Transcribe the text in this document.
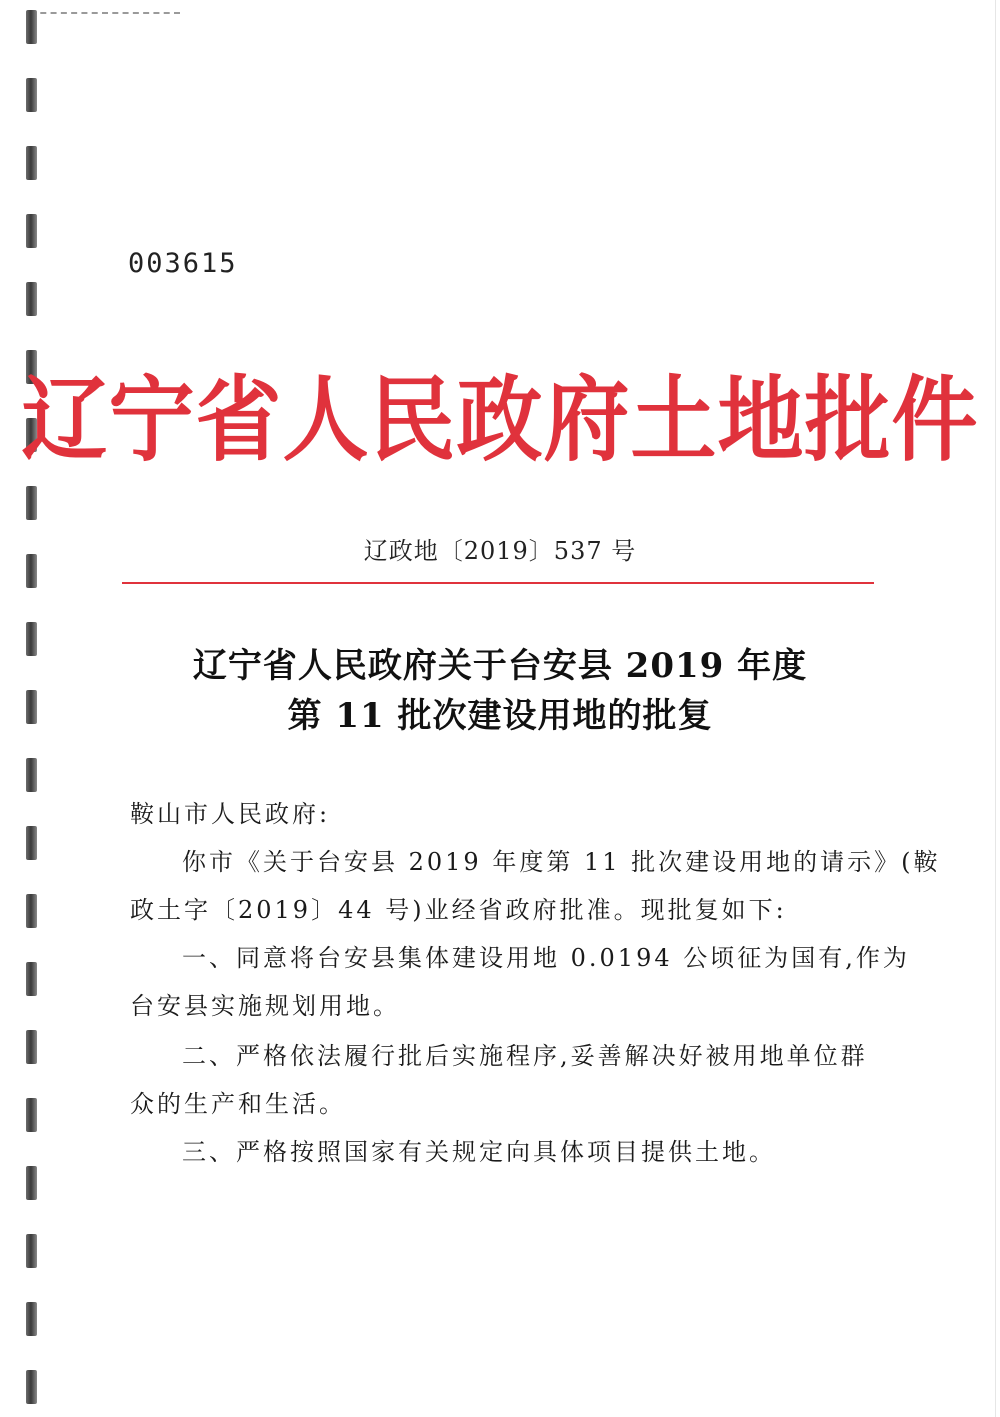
003615
辽宁省人民政府土地批件
辽政地〔2019〕537 号
辽宁省人民政府关于台安县 2019 年度
第 11 批次建设用地的批复
鞍山市人民政府:
你市《关于台安县 2019 年度第 11 批次建设用地的请示》(鞍
政土字〔2019〕44 号)业经省政府批准。现批复如下:
一、同意将台安县集体建设用地 0.0194 公顷征为国有,作为
台安县实施规划用地。
二、严格依法履行批后实施程序,妥善解决好被用地单位群
众的生产和生活。
三、严格按照国家有关规定向具体项目提供土地。
